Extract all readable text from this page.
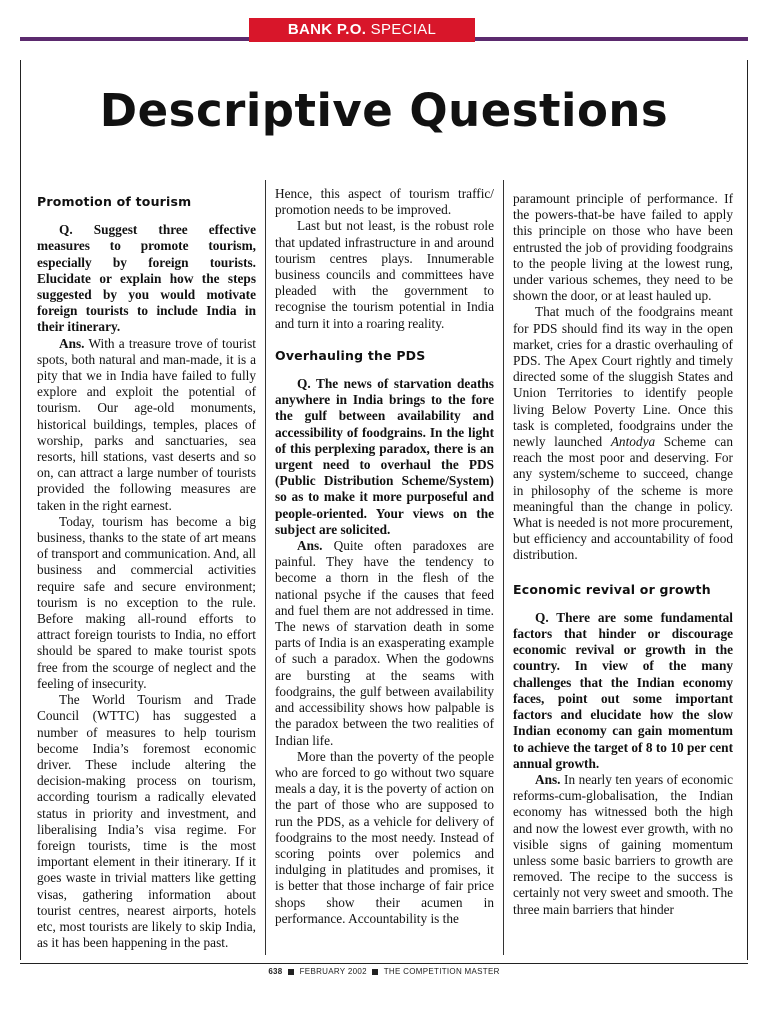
BANK P.O. SPECIAL
Descriptive Questions
Promotion of tourism

Q. Suggest three effective measures to promote tourism, especially by foreign tourists. Elucidate or explain how the steps suggested by you would motivate foreign tourists to include India in their itinerary.

Ans. With a treasure trove of tourist spots, both natural and man-made, it is a pity that we in India have failed to fully explore and exploit the potential of tourism. Our age-old monuments, historical buildings, temples, places of worship, parks and sanctuaries, sea resorts, hill stations, vast deserts and so on, can attract a large number of tourists provided the following measures are taken in the right earnest.

Today, tourism has become a big business, thanks to the state of art means of transport and communication. And, all business and commercial activities require safe and secure environment; tourism is no exception to the rule. Before making all-round efforts to attract foreign tourists to India, no effort should be spared to make tourist spots free from the scourge of neglect and the feeling of insecurity.

The World Tourism and Trade Council (WTTC) has suggested a number of measures to help tourism become India’s foremost economic driver. These include altering the decision-making process on tourism, according tourism a radically elevated status in priority and investment, and liberalising India’s visa regime. For foreign tourists, time is the most important element in their itinerary. If it goes waste in trivial matters like getting visas, gathering information about tourist centres, nearest airports, hotels etc, most tourists are likely to skip India, as it has been happening in the past.

Hence, this aspect of tourism traffic/ promotion needs to be improved.

Last but not least, is the robust role that updated infrastructure in and around tourism centres plays. Innumerable business councils and committees have pleaded with the government to recognise the tourism potential in India and turn it into a roaring reality.

Overhauling the PDS

Q. The news of starvation deaths anywhere in India brings to the fore the gulf between availability and accessibility of foodgrains. In the light of this perplexing paradox, there is an urgent need to overhaul the PDS (Public Distribution Scheme/System) so as to make it more purposeful and people-oriented. Your views on the subject are solicited.

Ans. Quite often paradoxes are painful. They have the tendency to become a thorn in the flesh of the national psyche if the causes that feed and fuel them are not addressed in time. The news of starvation death in some parts of India is an exasperating example of such a paradox. When the godowns are bursting at the seams with foodgrains, the gulf between availability and accessibility shows how palpable is the paradox between the two realities of Indian life.

More than the poverty of the people who are forced to go without two square meals a day, it is the poverty of action on the part of those who are supposed to run the PDS, as a vehicle for delivery of foodgrains to the most needy. Instead of scoring points over polemics and indulging in platitudes and promises, it is better that those incharge of fair price shops show their acumen in performance. Accountability is the

paramount principle of performance. If the powers-that-be have failed to apply this principle on those who have been entrusted the job of providing foodgrains to the people living at the lowest rung, under various schemes, they need to be shown the door, or at least hauled up.

That much of the foodgrains meant for PDS should find its way in the open market, cries for a drastic overhauling of PDS. The Apex Court rightly and timely directed some of the sluggish States and Union Territories to identify people living Below Poverty Line. Once this task is completed, foodgrains under the newly launched Antodya Scheme can reach the most poor and deserving. For any system/scheme to succeed, change in philosophy of the scheme is more meaningful than the change in policy. What is needed is not more procurement, but efficiency and accountability of food distribution.

Economic revival or growth

Q. There are some fundamental factors that hinder or discourage economic revival or growth in the country. In view of the many challenges that the Indian economy faces, point out some important factors and elucidate how the slow Indian economy can gain momentum to achieve the target of 8 to 10 per cent annual growth.

Ans. In nearly ten years of economic reforms-cum-globalisation, the Indian economy has witnessed both the high and now the lowest ever growth, with no visible signs of gaining momentum unless some basic barriers to growth are removed. The recipe to the success is certainly not very sweet and smooth. The three main barriers that hinder

638 FEBRUARY 2002 THE COMPETITION MASTER
